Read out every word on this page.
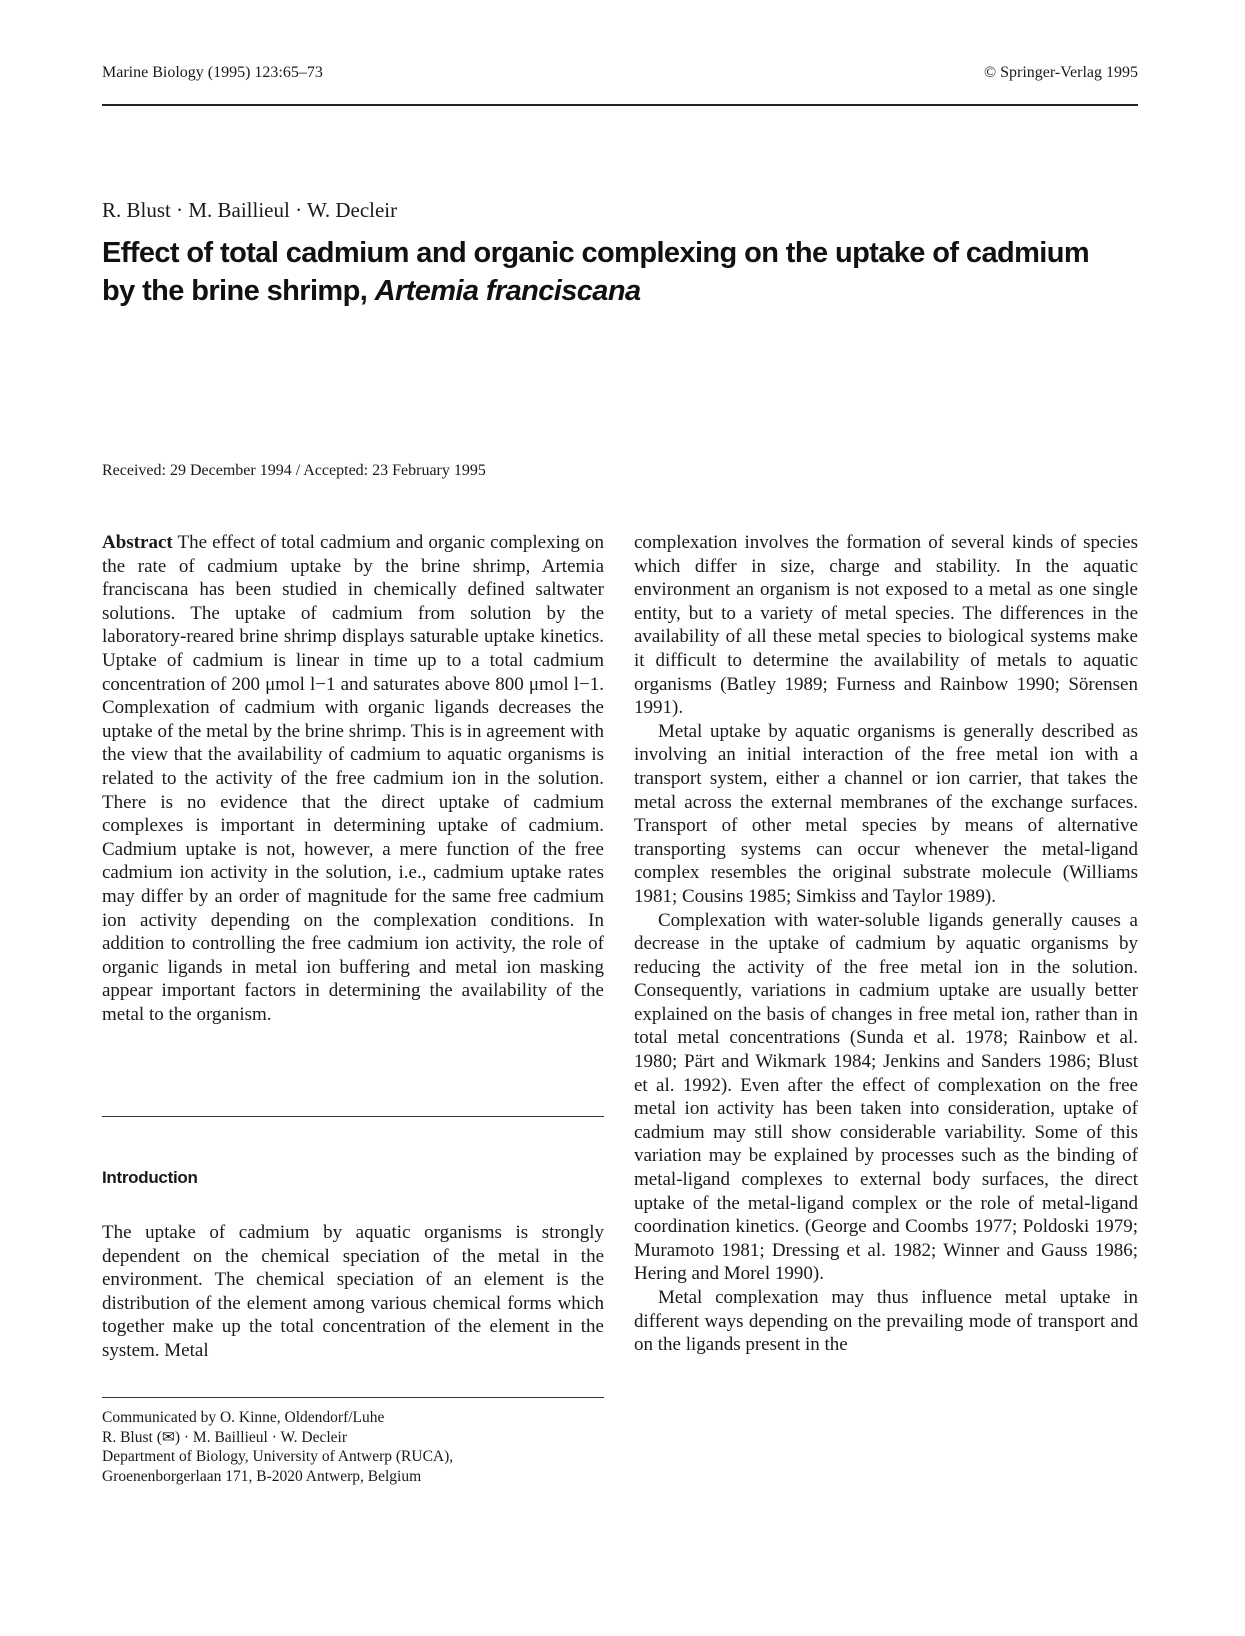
Marine Biology (1995) 123:65–73	© Springer-Verlag 1995
R. Blust · M. Baillieul · W. Decleir
Effect of total cadmium and organic complexing on the uptake of cadmium by the brine shrimp, Artemia franciscana
Received: 29 December 1994 / Accepted: 23 February 1995

Abstract The effect of total cadmium and organic complexing on the rate of cadmium uptake by the brine shrimp, Artemia franciscana has been studied in chemically defined saltwater solutions. The uptake of cadmium from solution by the laboratory-reared brine shrimp displays saturable uptake kinetics. Uptake of cadmium is linear in time up to a total cadmium concentration of 200 μmol l−1 and saturates above 800 μmol l−1. Complexation of cadmium with organic ligands decreases the uptake of the metal by the brine shrimp. This is in agreement with the view that the availability of cadmium to aquatic organisms is related to the activity of the free cadmium ion in the solution. There is no evidence that the direct uptake of cadmium complexes is important in determining uptake of cadmium. Cadmium uptake is not, however, a mere function of the free cadmium ion activity in the solution, i.e., cadmium uptake rates may differ by an order of magnitude for the same free cadmium ion activity depending on the complexation conditions. In addition to controlling the free cadmium ion activity, the role of organic ligands in metal ion buffering and metal ion masking appear important factors in determining the availability of the metal to the organism.

Introduction

The uptake of cadmium by aquatic organisms is strongly dependent on the chemical speciation of the metal in the environment. The chemical speciation of an element is the distribution of the element among various chemical forms which together make up the total concentration of the element in the system. Metal

Communicated by O. Kinne, Oldendorf/Luhe
R. Blust (✉) · M. Baillieul · W. Decleir
Department of Biology, University of Antwerp (RUCA),
Groenenborgerlaan 171, B-2020 Antwerp, Belgium

complexation involves the formation of several kinds of species which differ in size, charge and stability. In the aquatic environment an organism is not exposed to a metal as one single entity, but to a variety of metal species. The differences in the availability of all these metal species to biological systems make it difficult to determine the availability of metals to aquatic organisms (Batley 1989; Furness and Rainbow 1990; Sörensen 1991).

Metal uptake by aquatic organisms is generally described as involving an initial interaction of the free metal ion with a transport system, either a channel or ion carrier, that takes the metal across the external membranes of the exchange surfaces. Transport of other metal species by means of alternative transporting systems can occur whenever the metal-ligand complex resembles the original substrate molecule (Williams 1981; Cousins 1985; Simkiss and Taylor 1989).

Complexation with water-soluble ligands generally causes a decrease in the uptake of cadmium by aquatic organisms by reducing the activity of the free metal ion in the solution. Consequently, variations in cadmium uptake are usually better explained on the basis of changes in free metal ion, rather than in total metal concentrations (Sunda et al. 1978; Rainbow et al. 1980; Pärt and Wikmark 1984; Jenkins and Sanders 1986; Blust et al. 1992). Even after the effect of complexation on the free metal ion activity has been taken into consideration, uptake of cadmium may still show considerable variability. Some of this variation may be explained by processes such as the binding of metal-ligand complexes to external body surfaces, the direct uptake of the metal-ligand complex or the role of metal-ligand coordination kinetics. (George and Coombs 1977; Poldoski 1979; Muramoto 1981; Dressing et al. 1982; Winner and Gauss 1986; Hering and Morel 1990).

Metal complexation may thus influence metal uptake in different ways depending on the prevailing mode of transport and on the ligands present in the
